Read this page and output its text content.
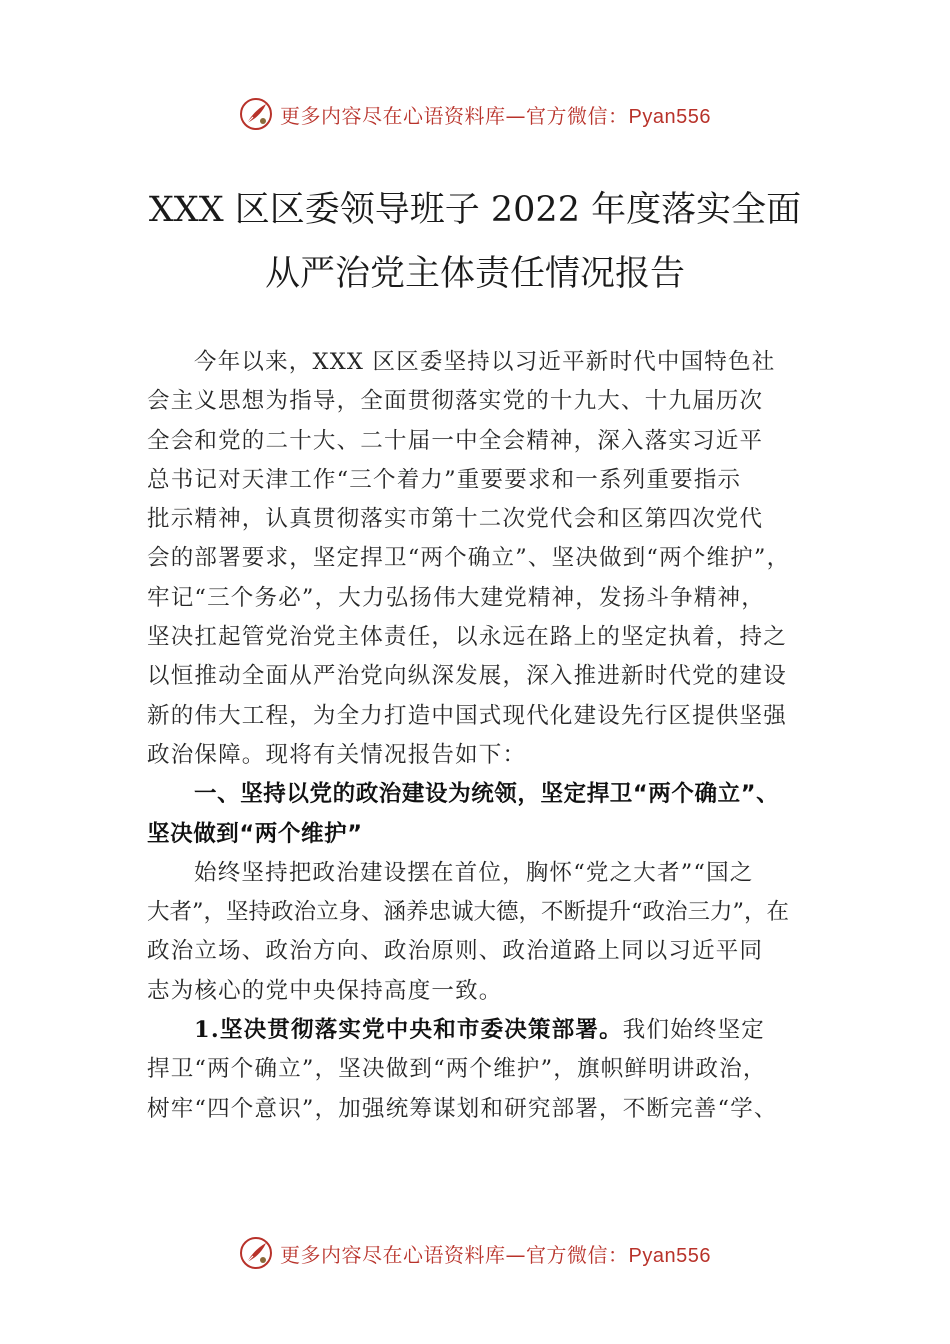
更多内容尽在心语资料库—官方微信：Pyan556
XXX 区区委领导班子 2022 年度落实全面
从严治党主体责任情况报告
今年以来，XXX 区区委坚持以习近平新时代中国特色社
会主义思想为指导，全面贯彻落实党的十九大、十九届历次
全会和党的二十大、二十届一中全会精神，深入落实习近平
总书记对天津工作“三个着力”重要要求和一系列重要指示
批示精神，认真贯彻落实市第十二次党代会和区第四次党代
会的部署要求，坚定捍卫“两个确立”、坚决做到“两个维护”，
牢记“三个务必”，大力弘扬伟大建党精神，发扬斗争精神，
坚决扛起管党治党主体责任，以永远在路上的坚定执着，持之
以恒推动全面从严治党向纵深发展，深入推进新时代党的建设
新的伟大工程，为全力打造中国式现代化建设先行区提供坚强
政治保障。现将有关情况报告如下：
一、坚持以党的政治建设为统领，坚定捍卫“两个确立”、
坚决做到“两个维护”
始终坚持把政治建设摆在首位，胸怀“党之大者”“国之
大者”，坚持政治立身、涵养忠诚大德，不断提升“政治三力”，在
政治立场、政治方向、政治原则、政治道路上同以习近平同
志为核心的党中央保持高度一致。
1.坚决贯彻落实党中央和市委决策部署。我们始终坚定
捍卫“两个确立”，坚决做到“两个维护”，旗帜鲜明讲政治，
树牢“四个意识”，加强统筹谋划和研究部署，不断完善“学、
更多内容尽在心语资料库—官方微信：Pyan556
